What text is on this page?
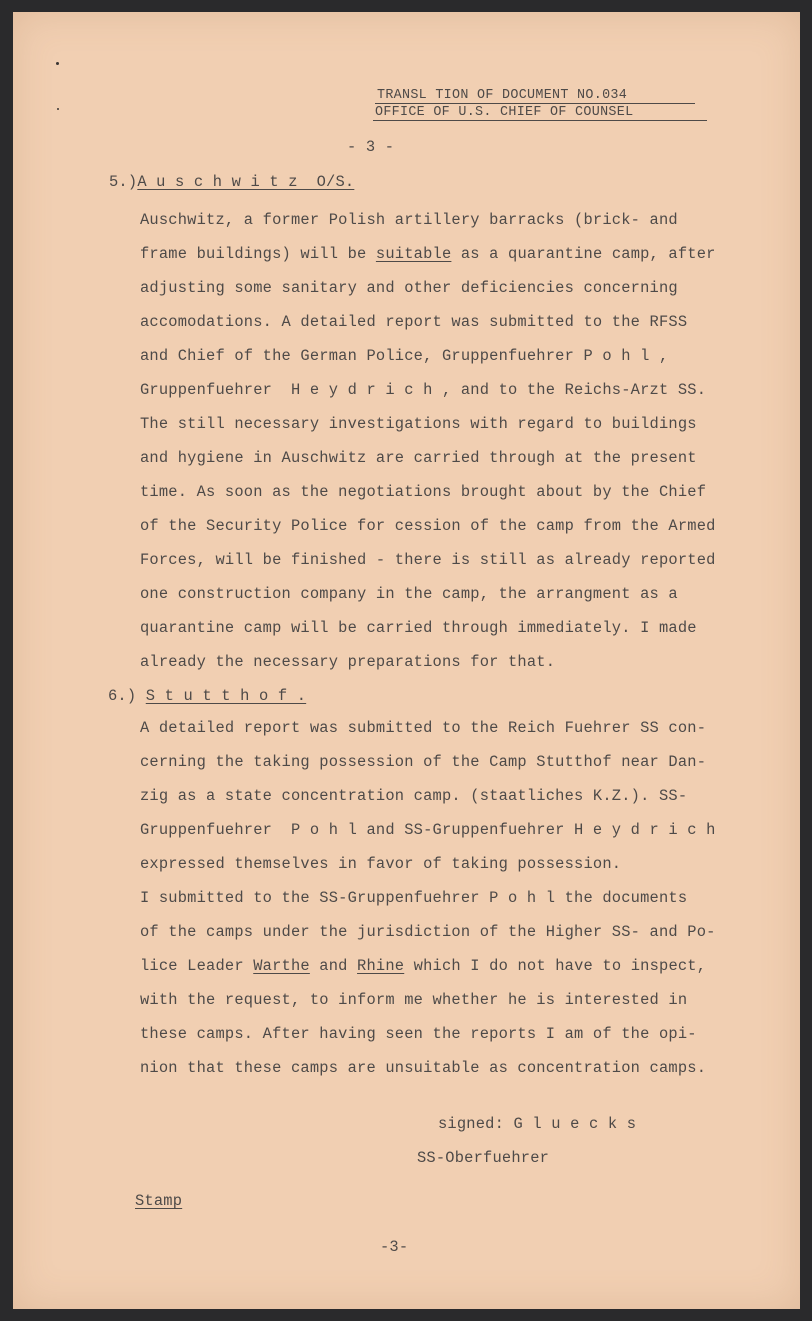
TRANSL TION OF DOCUMENT NO.034
OFFICE OF U.S. CHIEF OF COUNSEL
- 3 -
5.)A u s c h w i t z  O/S.
Auschwitz, a former Polish artillery barracks (brick- and
frame buildings) will be suitable as a quarantine camp, after
adjusting some sanitary and other deficiencies concerning
accomodations. A detailed report was submitted to the RFSS
and Chief of the German Police, Gruppenfuehrer P o h l ,
Gruppenfuehrer  H e y d r i c h , and to the Reichs-Arzt SS.
The still necessary investigations with regard to buildings
and hygiene in Auschwitz are carried through at the present
time. As soon as the negotiations brought about by the Chief
of the Security Police for cession of the camp from the Armed
Forces, will be finished - there is still as already reported
one construction company in the camp, the arrangment as a
quarantine camp will be carried through immediately. I made
already the necessary preparations for that.
6.) S t u t t h o f .
A detailed report was submitted to the Reich Fuehrer SS con-
cerning the taking possession of the Camp Stutthof near Dan-
zig as a state concentration camp. (staatliches K.Z.). SS-
Gruppenfuehrer  P o h l and SS-Gruppenfuehrer H e y d r i c h
expressed themselves in favor of taking possession.
I submitted to the SS-Gruppenfuehrer P o h l the documents
of the camps under the jurisdiction of the Higher SS- and Po-
lice Leader Warthe and Rhine which I do not have to inspect,
with the request, to inform me whether he is interested in
these camps. After having seen the reports I am of the opi-
nion that these camps are unsuitable as concentration camps.
signed: G l u e c k s
SS-Oberfuehrer
Stamp
-3-
